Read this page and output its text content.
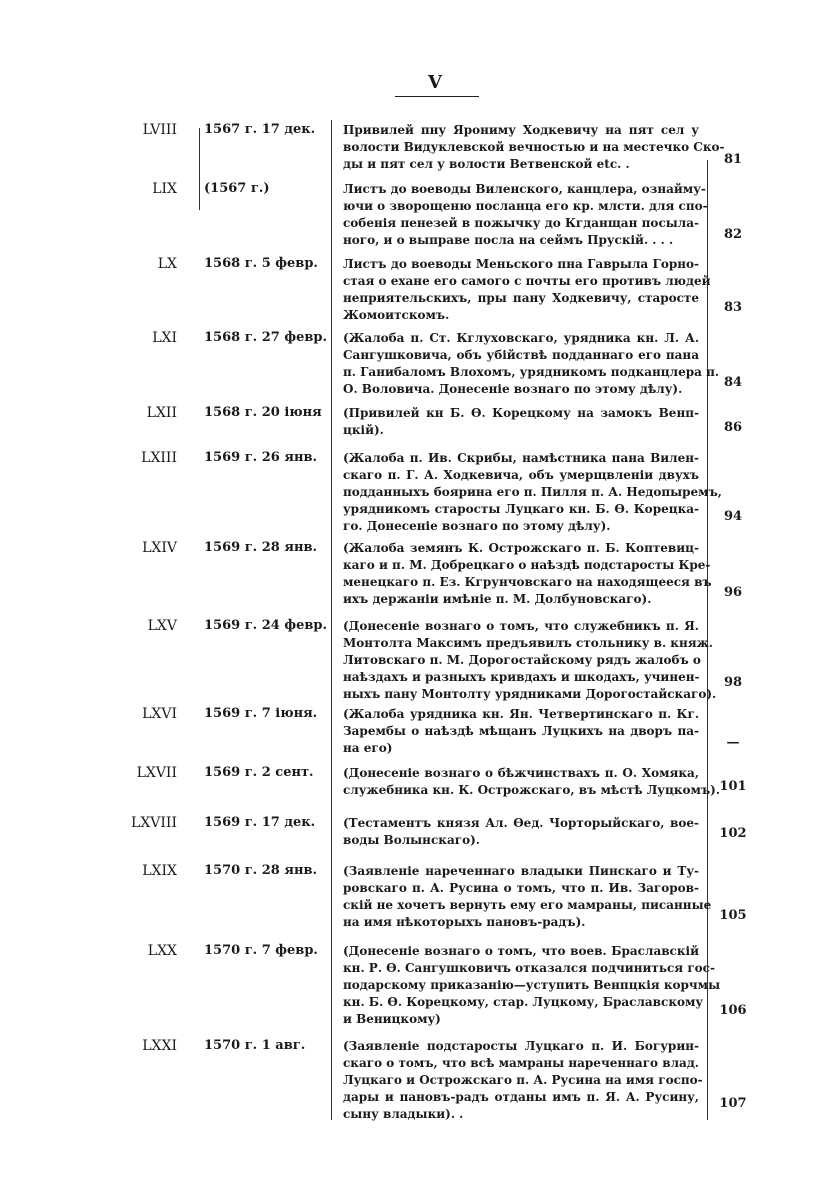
V
LVIII 1567 г. 17 дек.	Привилей пну Ярониму Ходкевичу на пят сел у
волости Видуклевской вечностью и на местечко Ско-
ды и пят сел у волости Ветвенской etc. .	81
LIX (1567 г.)	Листъ до воеводы Виленского, канцлера, ознайму-
ючи о зворощеню посланца его кр. млсти. для спо-
собенія пенезей в пожычку до Кгданщан посыла-
ного, и о выправе посла на сеймъ Прускій. . . .	82
LX 1568 г. 5 февр.	Листъ до воеводы Меньского пна Гаврыла Горно-
стая о ехане его самого с почты его противъ людей
неприятельскихъ, пры пану Ходкевичу, старосте
Жомоитскомъ.	83
LXI 1568 г. 27 февр. (Жалоба п. Ст. Кглуховскаго, урядника кн. Л. А.
Сангушковича, объ убійствѣ подданнаго его пана
п. Ганибаломъ Влохомъ, урядникомъ подканцлера п.
О. Воловича. Донесеніе вознаго по этому дѣлу).	84
LXII 1568 г. 20 іюня (Привилей кн Б. Ѳ. Корецкому на замокъ Венп-
цкій).	86
LXIII 1569 г. 26 янв.	(Жалоба п. Ив. Скрибы, намѣстника пана Вилен-
скаго п. Г. А. Ходкевича, объ умерщвленіи двухъ
подданныхъ боярина его п. Пилля п. А. Недопыремъ,
урядникомъ старосты Луцкаго кн. Б. Ѳ. Корецка-
го. Донесеніе вознаго по этому дѣлу).
94
LXIV 1569 г. 28 янв.	(Жалоба земянъ К. Острожскаго п. Б. Коптевиц-
каго и п. М. Добрецкаго о наѣздѣ подстаросты Кре-
менецкаго п. Ез. Кгрунчовскаго на находящееся въ
ихъ держаніи имѣніе п. М. Долбуновскаго).	96
LXV 1569 г. 24 февр. (Донесеніе вознаго о томъ, что служебникъ п. Я.
Монтолта Максимъ предъявилъ стольнику в. княж.
Литовскаго п. М. Дорогостайскому рядъ жалобъ о
наѣздахъ и разныхъ кривдахъ и шкодахъ, учинен-
ныхъ пану Монтолту урядниками Дорогостайскаго).
98
LXVI 1569 г. 7 іюня.	(Жалоба урядника кн. Ян. Четвертинскаго п. Кг.
Зарембы о наѣздѣ мѣщанъ Луцкихъ на дворъ па-
на его)	—
LXVII 1569 г. 2 сент.	(Донесеніе вознаго о бѣжчинствахъ п. О. Хомяка,
служебника кн. К. Острожскаго, въ мѣстѣ Луцкомъ). 101
LXVIII 1569 г. 17 дек.	(Тестаментъ князя Ал. Ѳед. Чорторыйскаго, вое-
воды Волынскаго).	102
LXIX 1570 г. 28 янв.	(Заявленіе нареченнаго владыки Пинскаго и Ту-
ровскаго п. А. Русина о томъ, что п. Ив. Загоров-
скій не хочетъ вернуть ему его мамраны, писанные
на имя нѣкоторыхъ пановъ-радъ).	105
LXX 1570 г. 7 февр.	(Донесеніе вознаго о томъ, что воев. Браславскій
кн. Р. Ѳ. Сангушковичъ отказался подчиниться гос-
подарскому приказанію—уступить Венпцкія корчмы
кн. Б. Ѳ. Корецкому, стар. Луцкому, Браславскому
и Веницкому)
106
LXXI 1570 г. 1 авг.	(Заявленіе подстаросты Луцкаго п. И. Богурин-
скаго о томъ, что всѣ мамраны нареченнаго влад.
Луцкаго и Острожскаго п. А. Русина на имя госпо-
дары и пановъ-радъ отданы имъ п. Я. А. Русину,
сыну владыки). .
107
